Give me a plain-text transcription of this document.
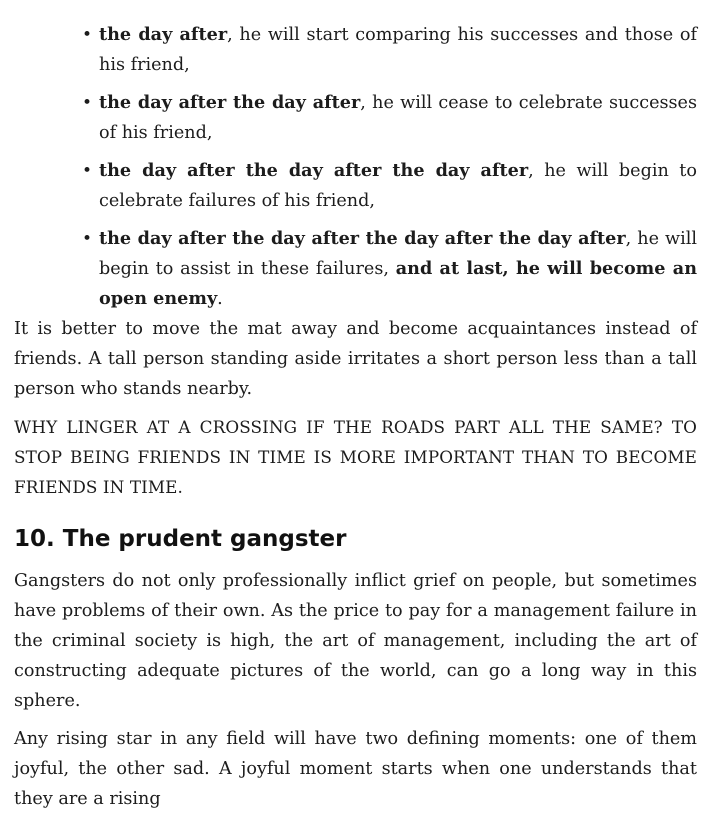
• the day after, he will start comparing his successes and those of his friend,
• the day after the day after, he will cease to celebrate successes of his friend,
• the day after the day after the day after, he will begin to celebrate failures of his friend,
• the day after the day after the day after the day after, he will begin to assist in these failures, and at last, he will become an open enemy.

It is better to move the mat away and become acquaintances instead of friends. A tall person standing aside irritates a short person less than a tall person who stands nearby.

WHY LINGER AT A CROSSING IF THE ROADS PART ALL THE SAME? TO STOP BEING FRIENDS IN TIME IS MORE IMPORTANT THAN TO BECOME FRIENDS IN TIME.

10. The prudent gangster

Gangsters do not only professionally inflict grief on people, but sometimes have problems of their own. As the price to pay for a management failure in the criminal society is high, the art of management, including the art of constructing adequate pictures of the world, can go a long way in this sphere.

Any rising star in any field will have two defining moments: one of them joyful, the other sad. A joyful moment starts when one understands that they are a rising
